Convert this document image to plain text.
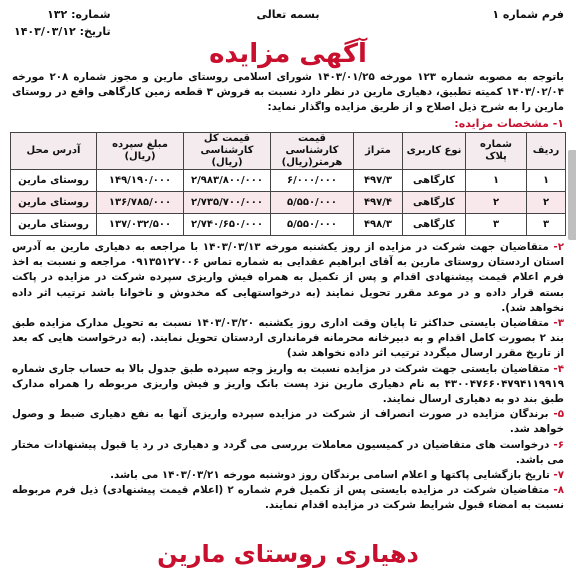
فرم شماره ۱
بسمه تعالی
شماره: ۱۳۲
تاریخ: ۱۴۰۳/۰۳/۱۲
آگهی مزایده

باتوجه به مصوبه شماره ۱۲۳ مورخه ۱۴۰۳/۰۱/۲۵ شورای اسلامی روستای مارین و مجوز شماره ۲۰۸ مورخه ۱۴۰۳/۰۲/۰۴ کمیته تطبیق، دهیاری مارین در نظر دارد نسبت به فروش ۳ قطعه زمین کارگاهی واقع در روستای مارین را به شرح ذیل اصلاح و از طریق مزایده واگذار نماید:

۱- مشخصات مزایده:
ردیف	شماره پلاک	نوع کاربری	متراژ	قیمت کارشناسی هرمتر(ریال)	قیمت کل کارشناسی (ریال)	مبلغ سپرده (ریال)	آدرس محل
۱	۱	کارگاهی	۴۹۷/۳	۶/۰۰۰/۰۰۰	۲/۹۸۳/۸۰۰/۰۰۰	۱۴۹/۱۹۰/۰۰۰	روستای مارین
۲	۲	کارگاهی	۴۹۷/۴	۵/۵۵۰/۰۰۰	۲/۷۳۵/۷۰۰/۰۰۰	۱۳۶/۷۸۵/۰۰۰	روستای مارین
۳	۳	کارگاهی	۴۹۸/۳	۵/۵۵۰/۰۰۰	۲/۷۴۰/۶۵۰/۰۰۰	۱۳۷/۰۳۲/۵۰۰	روستای مارین

۲- متقاضیان جهت شرکت در مزایده از روز یکشنبه مورخه ۱۴۰۳/۰۳/۱۳ با مراجعه به دهیاری مارین به آدرس استان اردستان روستای مارین به آقای ابراهیم عقدایی به شماره تماس ۰۹۱۳۵۱۲۷۰۰۶ مراجعه و نسبت به اخذ فرم اعلام قیمت پیشنهادی اقدام و پس از تکمیل به همراه فیش واریزی سپرده شرکت در مزایده در پاکت بسته قرار داده و در موعد مقرر تحویل نمایند (به درخواستهایی که مخدوش و ناخوانا باشد ترتیب اثر داده نخواهد شد).

۳- متقاضیان بایستی حداکثر تا پایان وقت اداری روز یکشنبه ۱۴۰۳/۰۳/۲۰ نسبت به تحویل مدارک مزایده طبق بند ۲ بصورت کامل اقدام و به دبیرخانه محرمانه فرمانداری اردستان تحویل نمایند. (به درخواست هایی که بعد از تاریخ مقرر ارسال میگردد ترتیب اثر داده نخواهد شد)

۴- متقاضیان بایستی جهت شرکت در مزایده نسبت به واریز وجه سپرده طبق جدول بالا به حساب جاری شماره ۴۳۰۰۴۷۶۶۰۴۷۹۴۱۱۹۹۱۹ به نام دهیاری مارین نزد پست بانک واریز و فیش واریزی مربوطه را همراه مدارک طبق بند دو به دهیاری ارسال نمایند.

۵- برندگان مزایده در صورت انصراف از شرکت در مزایده سپرده واریزی آنها به نفع دهیاری ضبط و وصول خواهد شد.

۶- درخواست های متقاضیان در کمیسیون معاملات بررسی می گردد و دهیاری در رد یا قبول پیشنهادات مختار می باشد.

۷- تاریخ بازگشایی پاکتها و اعلام اسامی برندگان روز دوشنبه مورخه ۱۴۰۳/۰۳/۲۱ می باشد.

۸- متقاضیان شرکت در مزایده بایستی پس از تکمیل فرم شماره ۲ (اعلام قیمت پیشنهادی) ذیل فرم مربوطه نسبت به امضاء قبول شرایط شرکت در مزایده اقدام نمایند.

دهیاری روستای مارین
